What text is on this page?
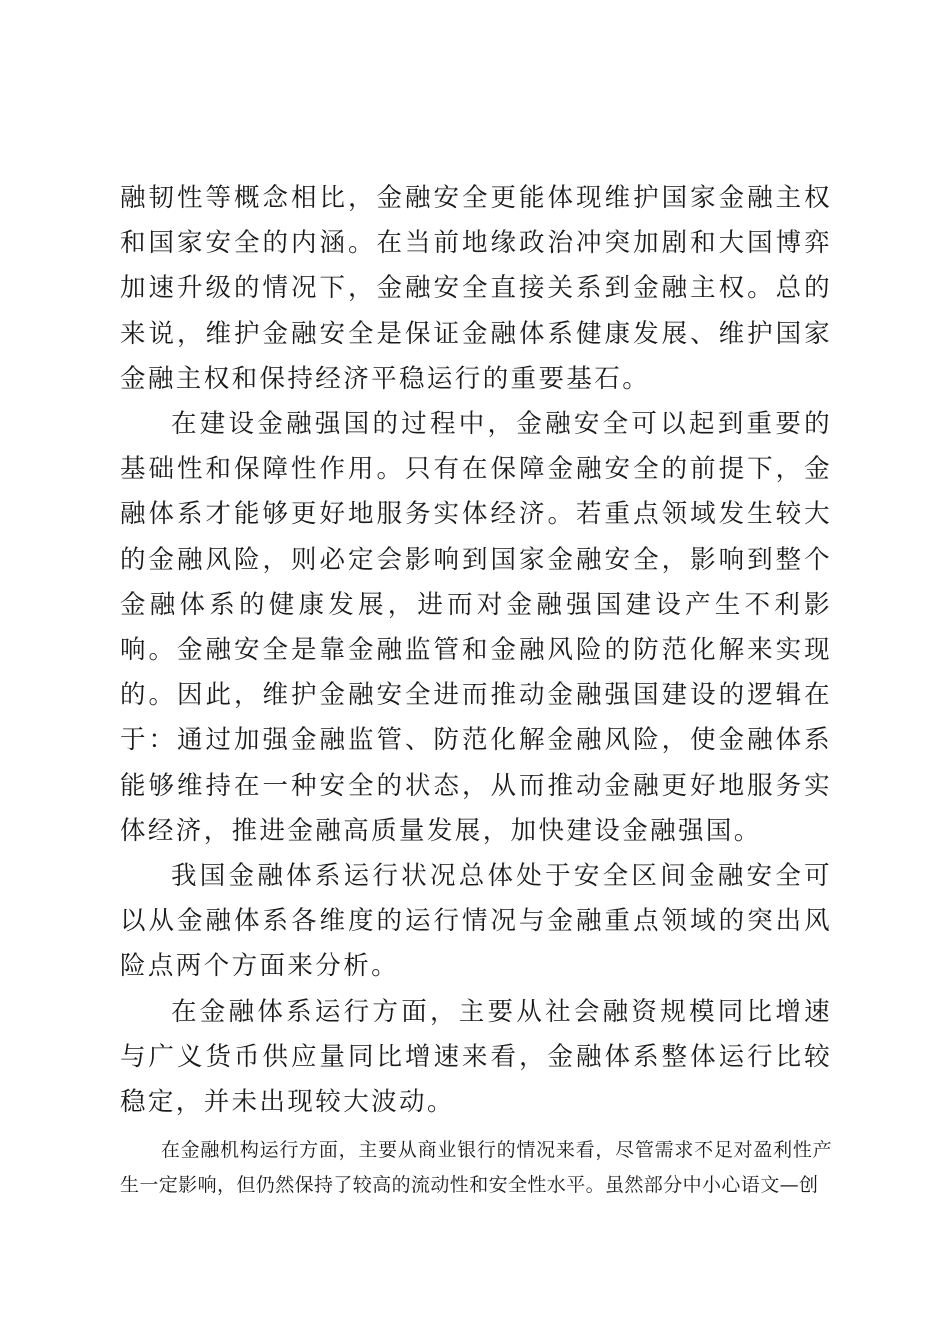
融韧性等概念相比，金融安全更能体现维护国家金融主权和国家安全的内涵。在当前地缘政治冲突加剧和大国博弈加速升级的情况下，金融安全直接关系到金融主权。总的来说，维护金融安全是保证金融体系健康发展、维护国家金融主权和保持经济平稳运行的重要基石。

在建设金融强国的过程中，金融安全可以起到重要的基础性和保障性作用。只有在保障金融安全的前提下，金融体系才能够更好地服务实体经济。若重点领域发生较大的金融风险，则必定会影响到国家金融安全，影响到整个金融体系的健康发展，进而对金融强国建设产生不利影响。金融安全是靠金融监管和金融风险的防范化解来实现的。因此，维护金融安全进而推动金融强国建设的逻辑在于：通过加强金融监管、防范化解金融风险，使金融体系能够维持在一种安全的状态，从而推动金融更好地服务实体经济，推进金融高质量发展，加快建设金融强国。

我国金融体系运行状况总体处于安全区间金融安全可以从金融体系各维度的运行情况与金融重点领域的突出风险点两个方面来分析。

在金融体系运行方面，主要从社会融资规模同比增速与广义货币供应量同比增速来看，金融体系整体运行比较稳定，并未出现较大波动。

在金融机构运行方面，主要从商业银行的情况来看，尽管需求不足对盈利性产生一定影响，但仍然保持了较高的流动性和安全性水平。虽然部分中小心语文—创
